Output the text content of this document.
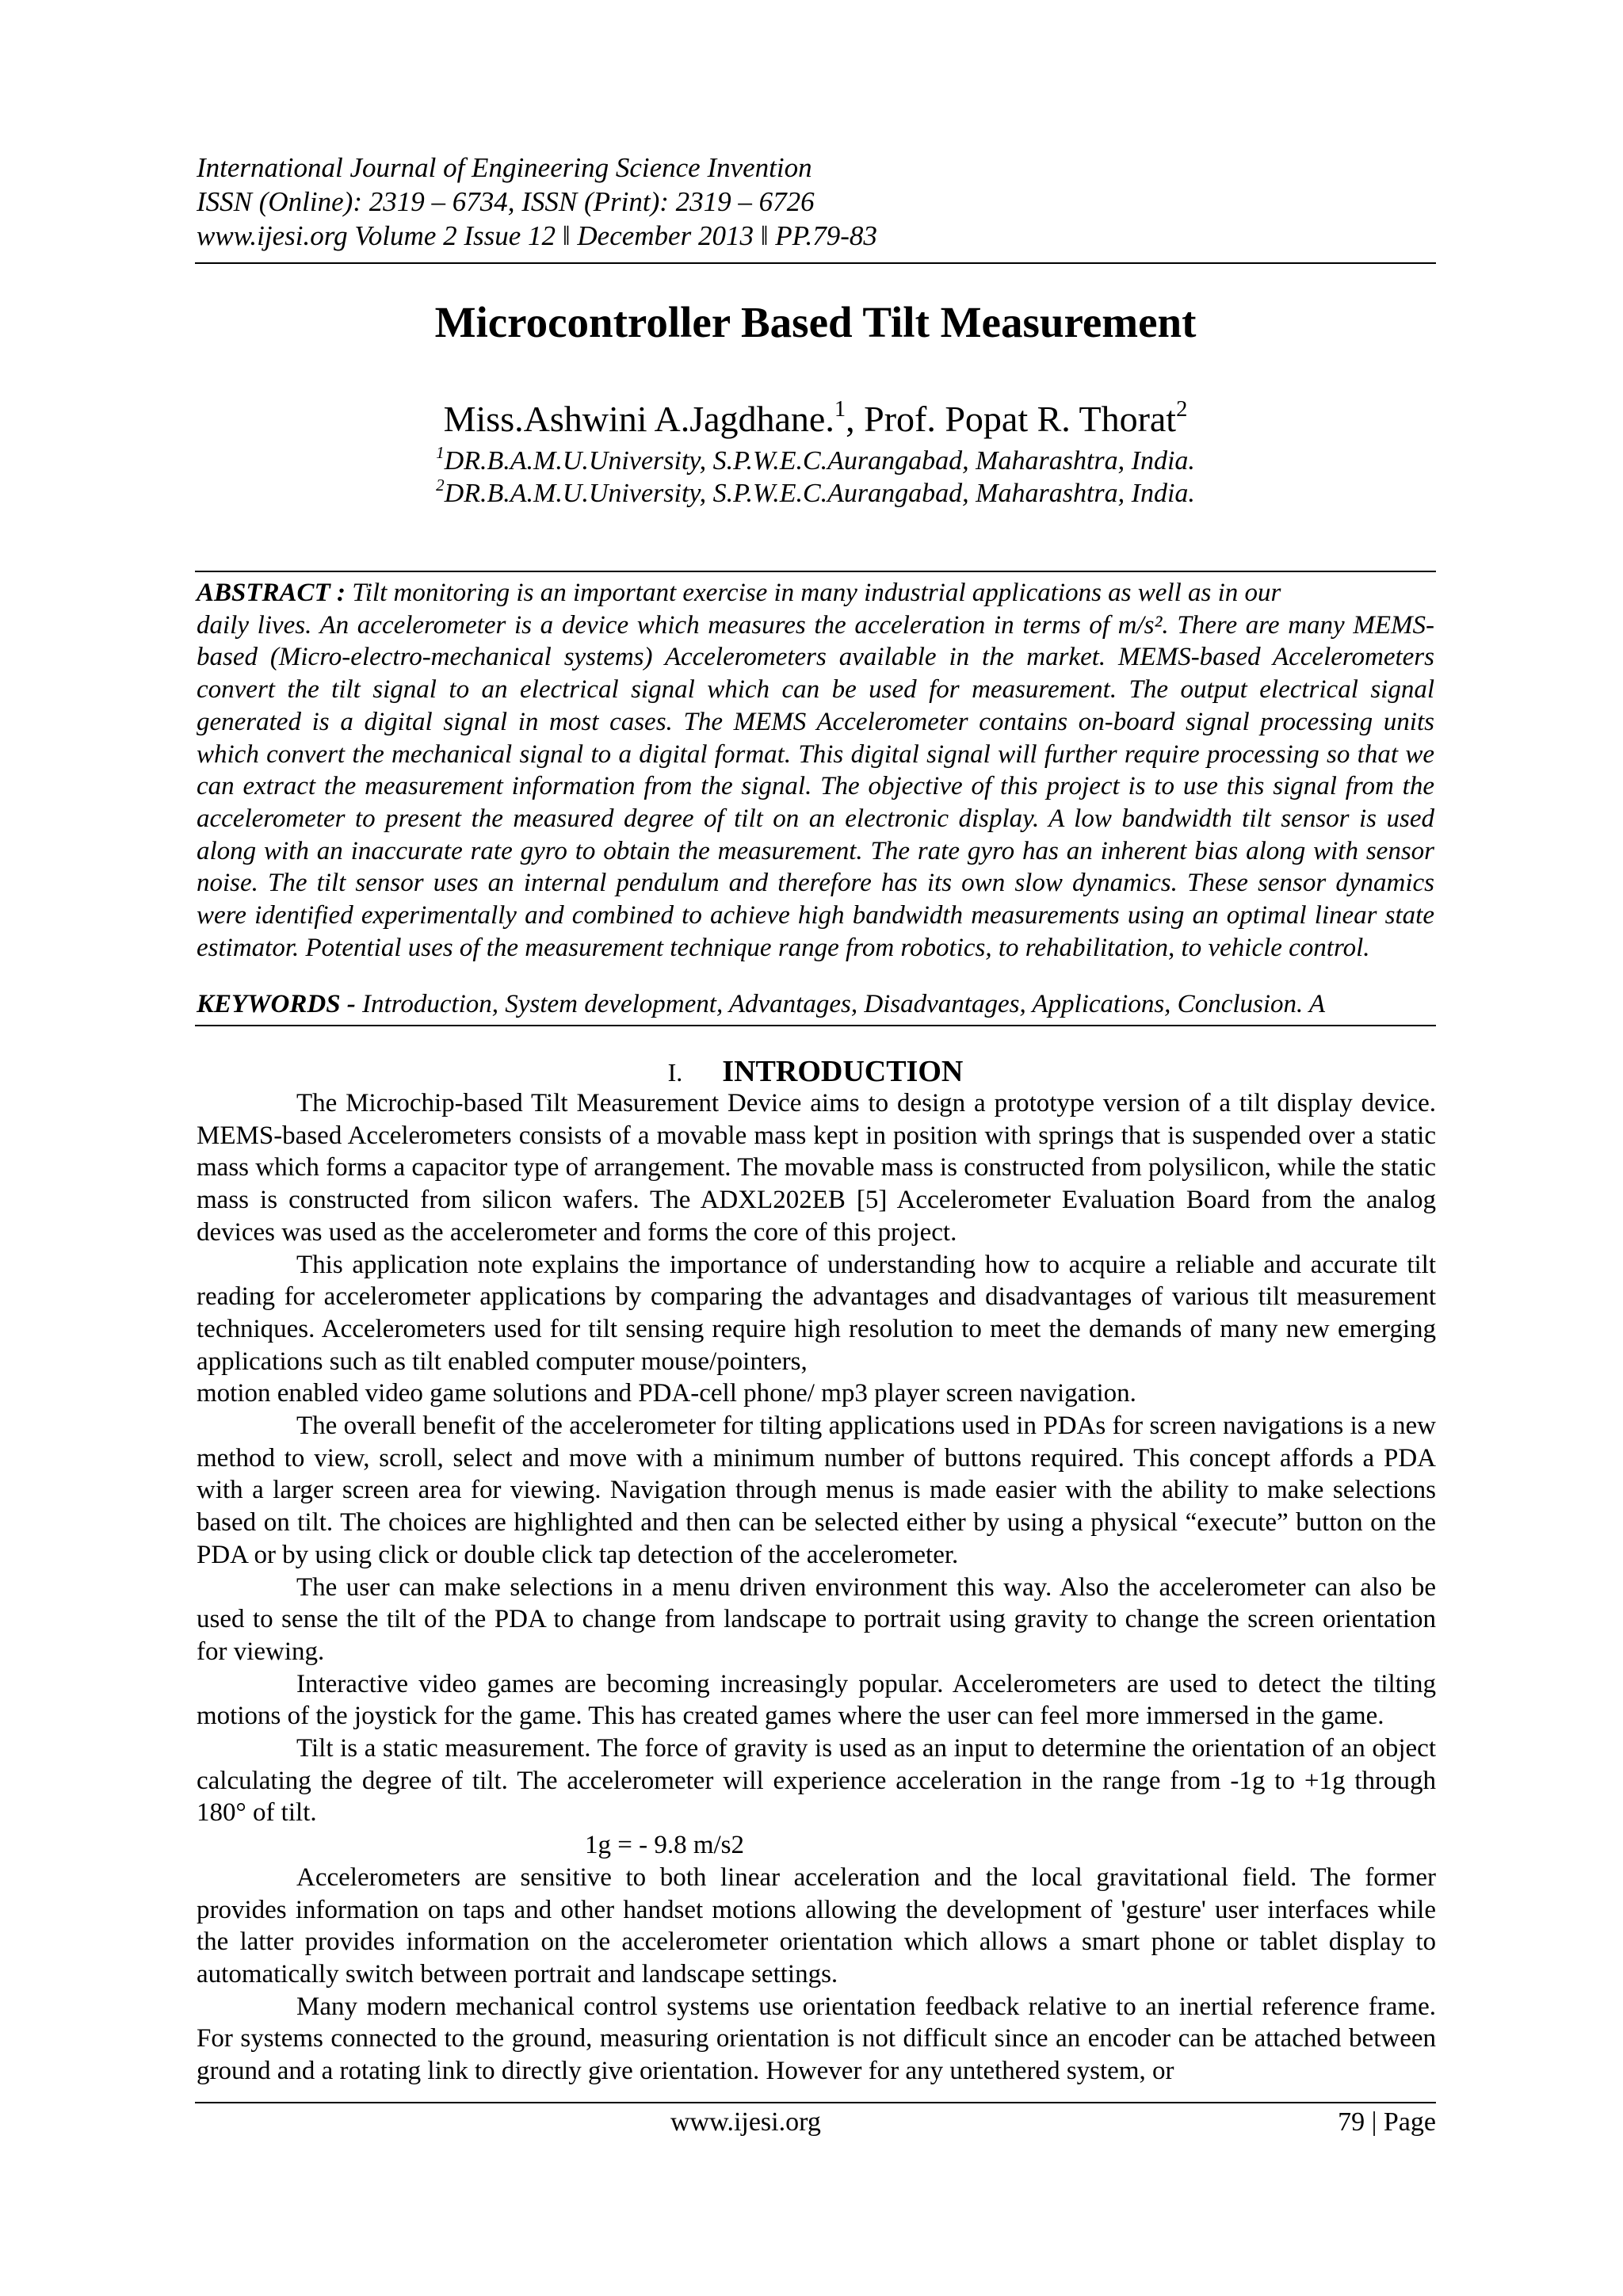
International Journal of Engineering Science Invention
ISSN (Online): 2319 – 6734, ISSN (Print): 2319 – 6726
www.ijesi.org Volume 2 Issue 12 ǁ December 2013 ǁ PP.79-83
Microcontroller Based Tilt Measurement
Miss.Ashwini A.Jagdhane.$^1$, Prof. Popat R. Thorat$^2$
$^1$DR.B.A.M.U.University, S.P.W.E.C.Aurangabad, Maharashtra, India.
$^2$DR.B.A.M.U.University, S.P.W.E.C.Aurangabad, Maharashtra, India.
ABSTRACT : Tilt monitoring is an important exercise in many industrial applications as well as in our
daily lives. An accelerometer is a device which measures the acceleration in terms of m/s². There are many MEMS-based (Micro-electro-mechanical systems) Accelerometers available in the market. MEMS-based Accelerometers convert the tilt signal to an electrical signal which can be used for measurement. The output electrical signal generated is a digital signal in most cases. The MEMS Accelerometer contains on-board signal processing units which convert the mechanical signal to a digital format. This digital signal will further require processing so that we can extract the measurement information from the signal. The objective of this project is to use this signal from the accelerometer to present the measured degree of tilt on an electronic display. A low bandwidth tilt sensor is used along with an inaccurate rate gyro to obtain the measurement. The rate gyro has an inherent bias along with sensor noise. The tilt sensor uses an internal pendulum and therefore has its own slow dynamics. These sensor dynamics were identified experimentally and combined to achieve high bandwidth measurements using an optimal linear state estimator. Potential uses of the measurement technique range from robotics, to rehabilitation, to vehicle control.
KEYWORDS - Introduction, System development, Advantages, Disadvantages, Applications, Conclusion. A
I. INTRODUCTION

The Microchip-based Tilt Measurement Device aims to design a prototype version of a tilt display device. MEMS-based Accelerometers consists of a movable mass kept in position with springs that is suspended over a static mass which forms a capacitor type of arrangement. The movable mass is constructed from polysilicon, while the static mass is constructed from silicon wafers. The ADXL202EB [5] Accelerometer Evaluation Board from the analog devices was used as the accelerometer and forms the core of this project.

This application note explains the importance of understanding how to acquire a reliable and accurate tilt reading for accelerometer applications by comparing the advantages and disadvantages of various tilt measurement techniques. Accelerometers used for tilt sensing require high resolution to meet the demands of many new emerging applications such as tilt enabled computer mouse/pointers,

motion enabled video game solutions and PDA-cell phone/ mp3 player screen navigation.

The overall benefit of the accelerometer for tilting applications used in PDAs for screen navigations is a new method to view, scroll, select and move with a minimum number of buttons required. This concept affords a PDA with a larger screen area for viewing. Navigation through menus is made easier with the ability to make selections based on tilt. The choices are highlighted and then can be selected either by using a physical “execute” button on the PDA or by using click or double click tap detection of the accelerometer.

The user can make selections in a menu driven environment this way. Also the accelerometer can also be used to sense the tilt of the PDA to change from landscape to portrait using gravity to change the screen orientation for viewing.

Interactive video games are becoming increasingly popular. Accelerometers are used to detect the tilting motions of the joystick for the game. This has created games where the user can feel more immersed in the game.

Tilt is a static measurement. The force of gravity is used as an input to determine the orientation of an object calculating the degree of tilt. The accelerometer will experience acceleration in the range from -1g to +1g through 180° of tilt.

1g = - 9.8 m/s2

Accelerometers are sensitive to both linear acceleration and the local gravitational field. The former provides information on taps and other handset motions allowing the development of 'gesture' user interfaces while the latter provides information on the accelerometer orientation which allows a smart phone or tablet display to automatically switch between portrait and landscape settings.

Many modern mechanical control systems use orientation feedback relative to an inertial reference frame. For systems connected to the ground, measuring orientation is not difficult since an encoder can be attached between ground and a rotating link to directly give orientation. However for any untethered system, or

www.ijesi.org	79 | Page
